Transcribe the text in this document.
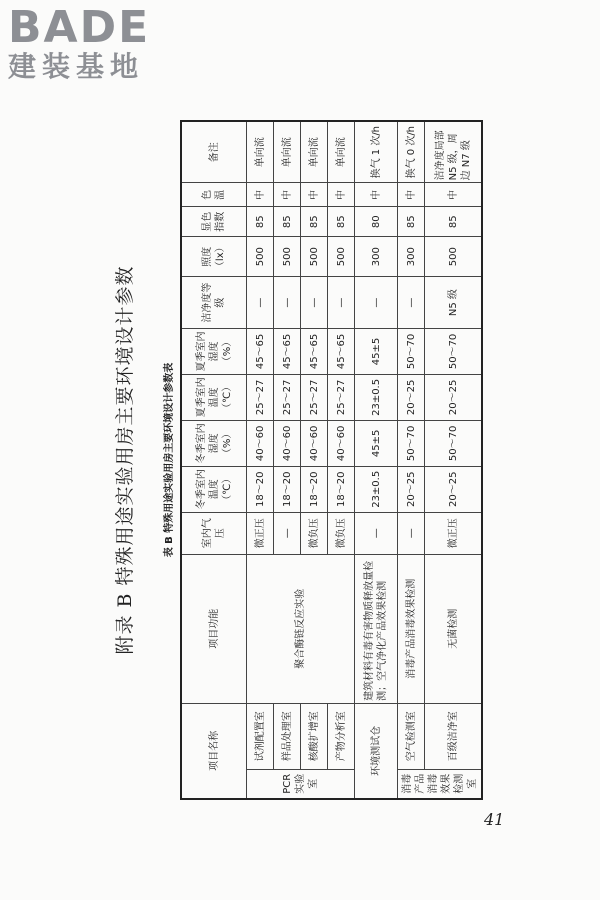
BADE
建装基地
41
附录 B 特殊用途实验用房主要环境设计参数	表 B 特殊用途实验用房主要环境设计参数表
项目名称		项目功能	室内气压	冬季室内温度（℃）	冬季室内湿度（%）	夏季室内温度（℃）	夏季室内湿度（%）	洁净度等级	照度（lx）	显色指数	色温	备注
PCR实验室	试剂配置室	聚合酶链反应实验	微正压	18～20	40～60	25～27	45～65	—	500	85	中	单向流
	样品处理室		—	18～20	40～60	25～27	45～65	—	500	85	中	单向流
	核酸扩增室		微负压	18～20	40～60	25～27	45～65	—	500	85	中	单向流
	产物分析室		微负压	18～20	40～60	25～27	45～65	—	500	85	中	单向流
环境测试仓		建筑材料有毒有害物质释放量检测；空气净化产品效果检测	—	23±0.5	45±5	23±0.5	45±5	—	300	80	中	换气 1 次/h
消毒产品消毒效果检测室	空气检测室	消毒产品消毒效果检测	—	20～25	50～70	20～25	50～70	—	300	85	中	换气 0 次/h
	百级洁净室	无菌检测	微正压	20～25	50～70	20～25	50～70	N5 级	500	85	中	洁净度局部 N5 级，周边 N7 级
